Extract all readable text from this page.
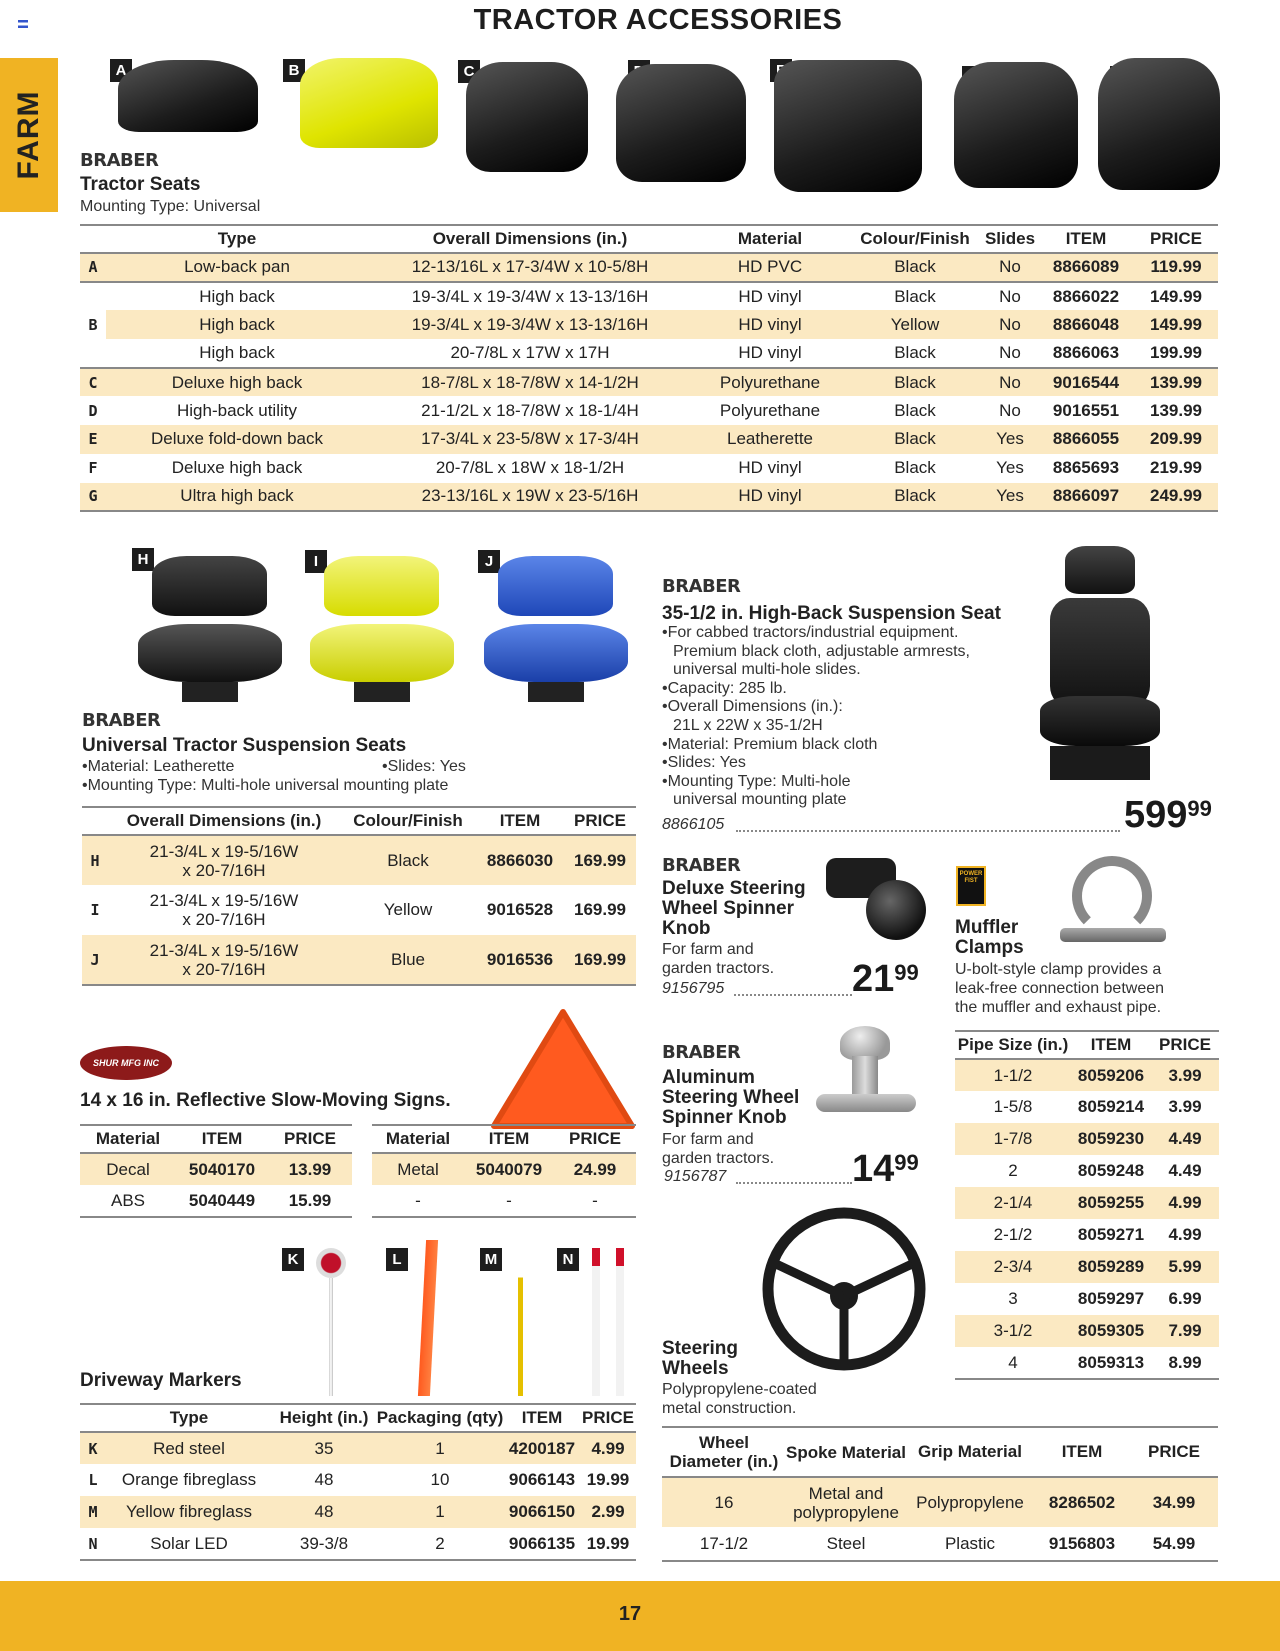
TRACTOR ACCESSORIES
FARM
A	B	C
BRABER
Tractor Seats
Mounting Type: Universal
	Type	Overall Dimensions (in.)	Material	Colour/Finish	Slides	ITEM	PRICE
A	Low-back pan	12-13/16L x 17-3/4W x 10-5/8H	HD PVC	Black	No	8866089	119.99
	High back	19-3/4L x 19-3/4W x 13-13/16H	HD vinyl	Black	No	8866022	149.99
B	High back	19-3/4L x 19-3/4W x 13-13/16H	HD vinyl	Yellow	No	8866048	149.99
	High back	20-7/8L x 17W x 17H	HD vinyl	Black	No	8866063	199.99
C	Deluxe high back	18-7/8L x 18-7/8W x 14-1/2H	Polyurethane	Black	No	9016544	139.99
D	High-back utility	21-1/2L x 18-7/8W x 18-1/4H	Polyurethane	Black	No	9016551	139.99
E	Deluxe fold-down back	17-3/4L x 23-5/8W x 17-3/4H	Leatherette	Black	Yes	8866055	209.99
F	Deluxe high back	20-7/8L x 18W x 18-1/2H	HD vinyl	Black	Yes	8865693	219.99
G	Ultra high back	23-13/16L x 19W x 23-5/16H	HD vinyl	Black	Yes	8866097	249.99
H	I	J
BRABER
Universal Tractor Suspension Seats
•Material: Leatherette	•Slides: Yes
•Mounting Type: Multi-hole universal mounting plate
	Overall Dimensions (in.)	Colour/Finish	ITEM	PRICE
H	21-3/4L x 19-5/16W
x 20-7/16H	Black	8866030	169.99
I	21-3/4L x 19-5/16W
x 20-7/16H	Yellow	9016528	169.99
J	21-3/4L x 19-5/16W
x 20-7/16H	Blue	9016536	169.99
BRABER
35-1/2 in. High-Back Suspension Seat
•For cabbed tractors/industrial equipment.
Premium black cloth, adjustable armrests,
universal multi-hole slides.
•Capacity: 285 lb.
•Overall Dimensions (in.):
21L x 22W x 35-1/2H
•Material: Premium black cloth
•Slides: Yes
•Mounting Type: Multi-hole
universal mounting plate
8866105	$599^{99}$
BRABER
Deluxe Steering
Wheel Spinner
Knob
For farm and
garden tractors.
9156795	$21^{99}$
BRABER
Aluminum
Steering Wheel
Spinner Knob
For farm and
garden tractors.
9156787	$14^{99}$
POWER FIST
Muffler
Clamps
U-bolt-style clamp provides a
leak-free connection between
the muffler and exhaust pipe.
Pipe Size (in.)	ITEM	PRICE
1-1/2	8059206	3.99
1-5/8	8059214	3.99
1-7/8	8059230	4.49
2	8059248	4.49
2-1/4	8059255	4.99
2-1/2	8059271	4.99
2-3/4	8059289	5.99
3	8059297	6.99
3-1/2	8059305	7.99
4	8059313	8.99
SHUR MFG INC
14 x 16 in. Reflective Slow-Moving Signs.
Material	ITEM	PRICE
Decal	5040170	13.99
ABS	5040449	15.99
Material	ITEM	PRICE
Metal	5040079	24.99
-	-	-
K	L	M	N
Driveway Markers
	Type	Height (in.)	Packaging (qty)	ITEM	PRICE
K	Red steel	35	1	4200187	4.99
L	Orange fibreglass	48	10	9066143	19.99
M	Yellow fibreglass	48	1	9066150	2.99
N	Solar LED	39-3/8	2	9066135	19.99
Steering
Wheels
Polypropylene-coated
metal construction.
Wheel Diameter (in.)	Spoke Material	Grip Material	ITEM	PRICE
16	Metal and
polypropylene	Polypropylene	8286502	34.99
17-1/2	Steel	Plastic	9156803	54.99
17
